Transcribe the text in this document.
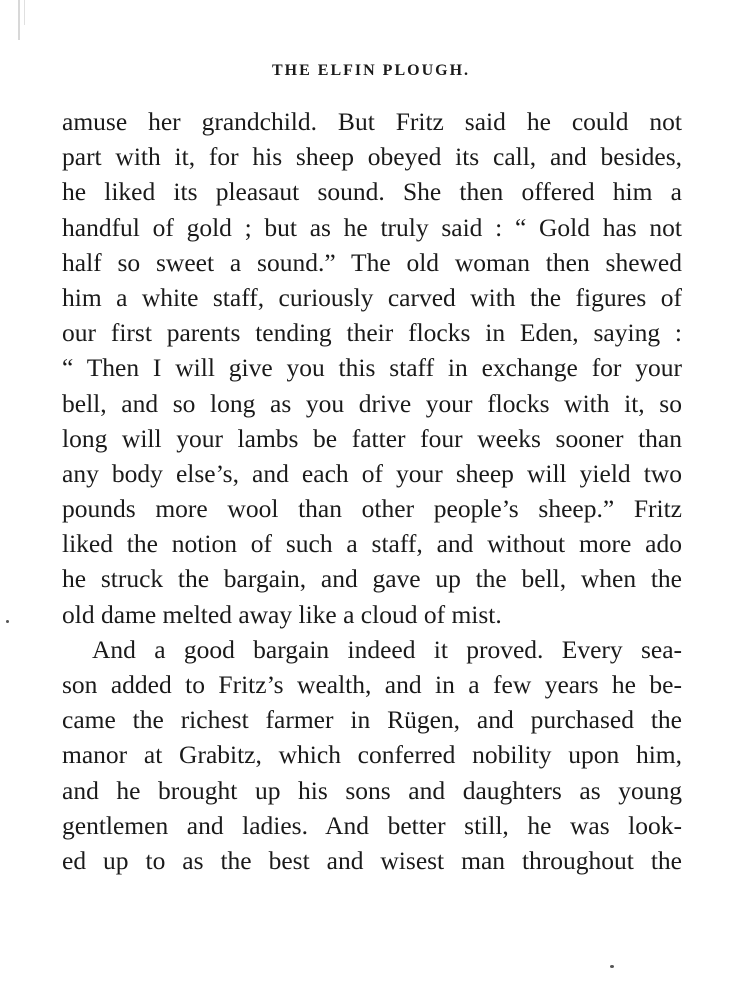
THE ELFIN PLOUGH.
amuse her grandchild. But Fritz said he could not
part with it, for his sheep obeyed its call, and besides,
he liked its pleasaut sound. She then offered him a
handful of gold ; but as he truly said : “ Gold has not
half so sweet a sound.” The old woman then shewed
him a white staff, curiously carved with the figures of
our first parents tending their flocks in Eden, saying :
“ Then I will give you this staff in exchange for your
bell, and so long as you drive your flocks with it, so
long will your lambs be fatter four weeks sooner than
any body else’s, and each of your sheep will yield two
pounds more wool than other people’s sheep.” Fritz
liked the notion of such a staff, and without more ado
he struck the bargain, and gave up the bell, when the
old dame melted away like a cloud of mist.
And a good bargain indeed it proved. Every sea-
son added to Fritz’s wealth, and in a few years he be-
came the richest farmer in Rügen, and purchased the
manor at Grabitz, which conferred nobility upon him,
and he brought up his sons and daughters as young
gentlemen and ladies. And better still, he was look-
ed up to as the best and wisest man throughout the
